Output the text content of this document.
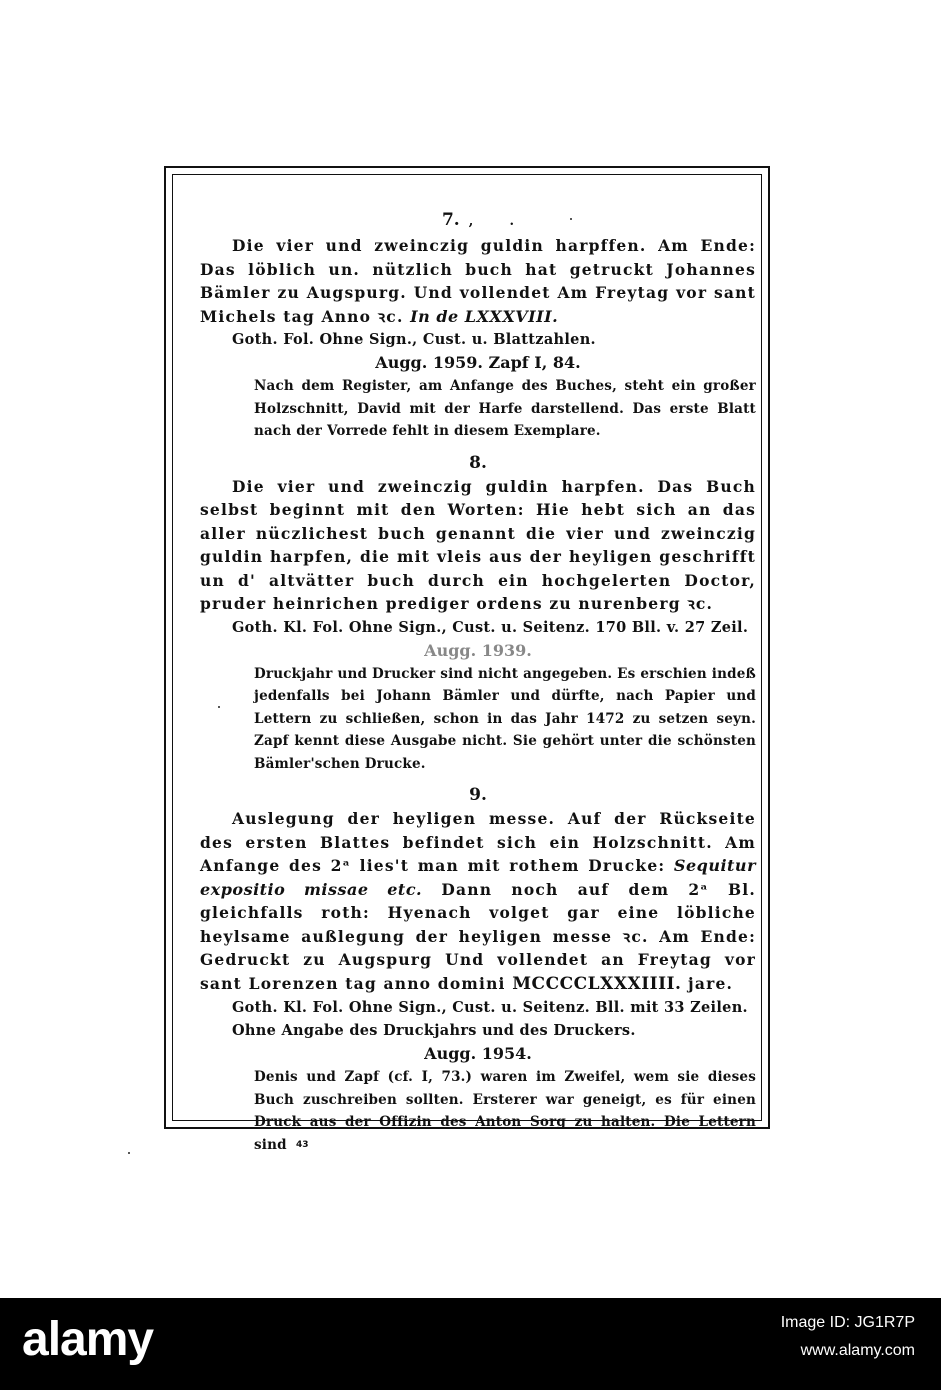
7. , .
Die vier und zweinczig guldin harpffen. Am Ende: Das löblich un. nützlich buch hat getruckt Johannes Bämler zu Augspurg. Und vollendet Am Freytag vor sant Michels tag Anno ꝛc. In de LXXXVIII.
Goth. Fol. Ohne Sign., Cust. u. Blattzahlen.
Augg. 1959. Zapf I, 84.
Nach dem Register, am Anfange des Buches, steht ein großer Holzschnitt, David mit der Harfe darstellend. Das erste Blatt nach der Vorrede fehlt in diesem Exemplare.
8.
Die vier und zweinczig guldin harpfen. Das Buch selbst beginnt mit den Worten: Hie hebt sich an das aller nüczlichest buch genannt die vier und zweinczig guldin harpfen, die mit vleis aus der heyligen geschrifft un d' altvätter buch durch ein hochgelerten Doctor, pruder heinrichen prediger ordens zu nurenberg ꝛc.
Goth. Kl. Fol. Ohne Sign., Cust. u. Seitenz. 170 Bll. v. 27 Zeil.
Augg. 1939.
Druckjahr und Drucker sind nicht angegeben. Es erschien indeß jedenfalls bei Johann Bämler und dürfte, nach Papier und Lettern zu schließen, schon in das Jahr 1472 zu setzen seyn. Zapf kennt diese Ausgabe nicht. Sie gehört unter die schönsten Bämler'schen Drucke.
9.
Auslegung der heyligen messe. Auf der Rückseite des ersten Blattes befindet sich ein Holzschnitt. Am Anfange des 2ᵃ lies't man mit rothem Drucke: Sequitur expositio missae etc. Dann noch auf dem 2ᵃ Bl. gleichfalls roth: Hyenach volget gar eine löbliche heylsame außlegung der heyligen messe ꝛc. Am Ende: Gedruckt zu Augspurg Und vollendet an Freytag vor sant Lorenzen tag anno domini MCCCCLXXXIIII. jare.
Goth. Kl. Fol. Ohne Sign., Cust. u. Seitenz. Bll. mit 33 Zeilen. Ohne Angabe des Druckjahrs und des Druckers.
Augg. 1954.
Denis und Zapf (cf. I, 73.) waren im Zweifel, wem sie dieses Buch zuschreiben sollten. Ersterer war geneigt, es für einen Druck aus der Offizin des Anton Sorg zu halten. Die Lettern sind	43
alamy	Image ID: JG1R7P
www.alamy.com
